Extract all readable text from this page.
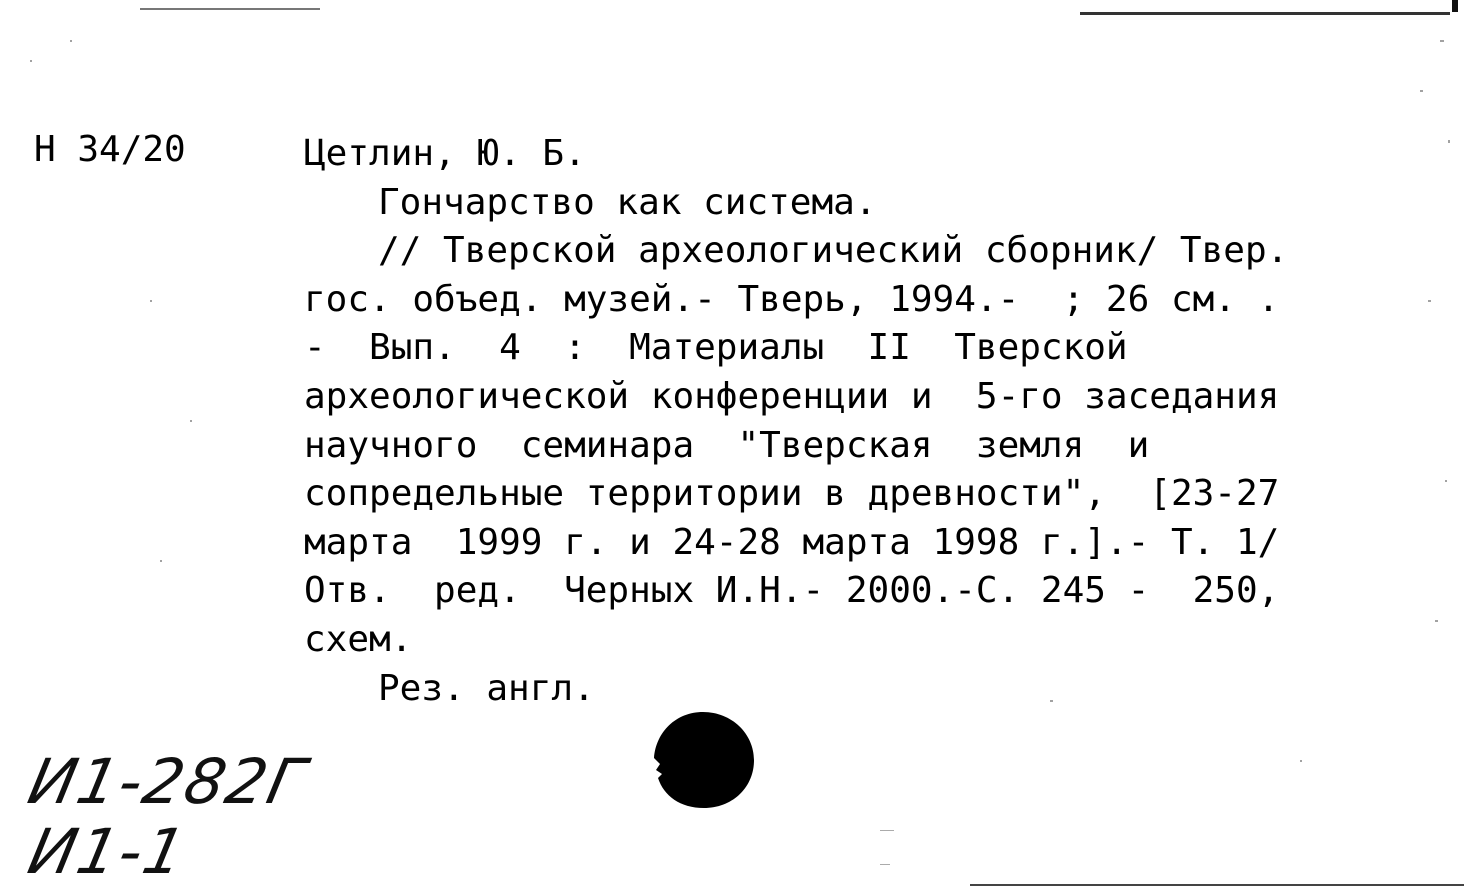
Н 34/20	Цетлин, Ю. Б.
Гончарство как система.
// Тверской археологический сборник/ Твер.
гос. объед. музей.- Тверь, 1994.-  ; 26 см. .
-  Вып.  4  :  Материалы  II  Тверской
археологической конференции и  5-го заседания
научного  семинара  "Тверская  земля  и
сопредельные территории в древности",  [23-27
марта  1999 г. и 24-28 марта 1998 г.].- Т. 1/
Отв.  ред.  Черных И.Н.- 2000.-С. 245 -  250,
схем.
Рез. англ.
И1-282Г
И1-1
